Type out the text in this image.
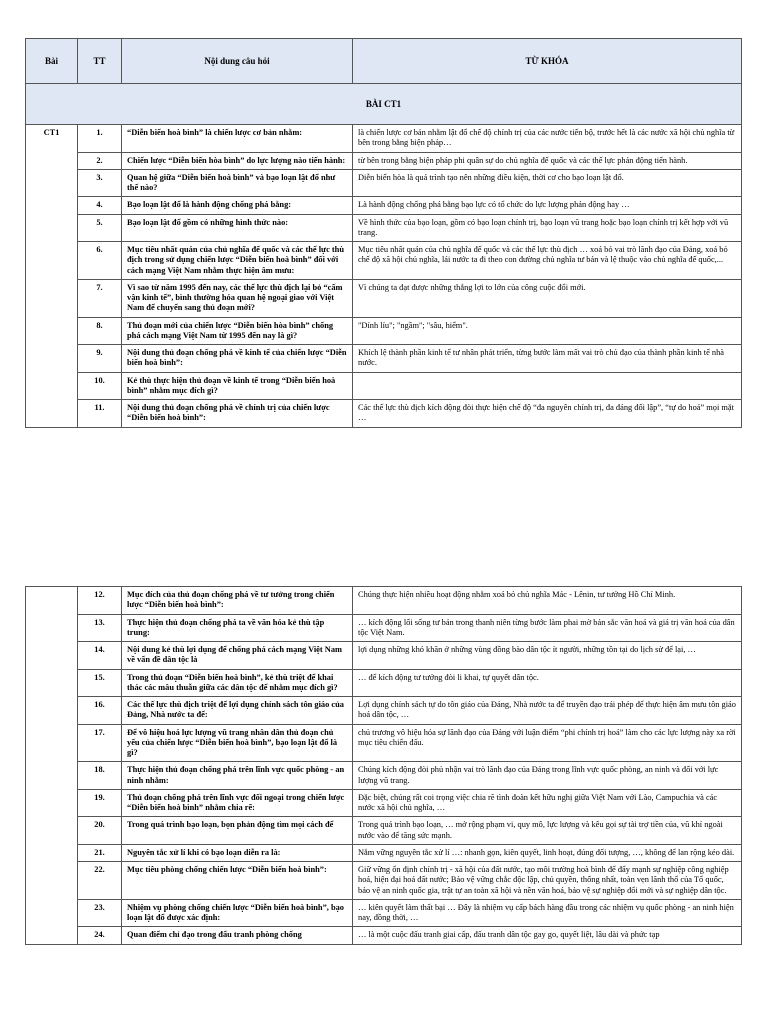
Bài	TT	Nội dung câu hỏi	TỪ KHÓA
BÀI CT1			
CT1	1.	“Diễn biến hoà bình” là chiến lược cơ bản nhằm:	là chiến lược cơ bản nhằm lật đổ chế độ chính trị của các nước tiến bộ, trước hết là các nước xã hội chủ nghĩa từ bên trong bằng biện pháp…
	2.	Chiến lược “Diễn biến hòa bình” do lực lượng nào tiến hành:	từ bên trong bằng biện pháp phi quân sự do chủ nghĩa đế quốc và các thế lực phản động tiến hành.
	3.	Quan hệ giữa “Diễn biến hoà bình” và bạo loạn lật đổ như thế nào?	Diễn biến hòa là quá trình tạo nên những điều kiện, thời cơ cho bạo loạn lật đổ.
	4.	Bạo loạn lật đổ là hành động chống phá bằng:	Là hành động chống phá bằng bạo lực có tổ chức do lực lượng phản động hay …
	5.	Bạo loạn lật đổ gồm có những hình thức nào:	Về hình thức của bạo loạn, gồm có bạo loạn chính trị, bạo loạn vũ trang hoặc bạo loạn chính trị kết hợp với vũ trang.
	6.	Mục tiêu nhất quán của chủ nghĩa đế quốc và các thế lực thù địch trong sử dụng chiến lược “Diễn biến hoà bình” đối với cách mạng Việt Nam nhằm thực hiện âm mưu:	Mục tiêu nhất quán của chủ nghĩa đế quốc và các thế lực thù địch … xoá bỏ vai trò lãnh đạo của Đảng, xoá bỏ chế độ xã hội chủ nghĩa, lái nước ta đi theo con đường chủ nghĩa tư bản và lệ thuộc vào chủ nghĩa đế quốc,...
	7.	Vì sao từ năm 1995 đến nay, các thế lực thù địch lại bỏ “cấm vận kinh tế”, bình thường hóa quan hệ ngoại giao với Việt Nam để chuyển sang thủ đoạn mới?	Vì chúng ta đạt được những thắng lợi to lớn của công cuộc đổi mới.
	8.	Thủ đoạn mới của chiến lược “Diễn biến hòa bình” chống phá cách mạng Việt Nam từ 1995 đến nay là gì?	"Dính líu"; "ngầm"; "sâu, hiểm".
	9.	Nội dung thủ đoạn chống phá về kinh tế của chiến lược “Diễn biến hoà bình”:	Khích lệ thành phần kinh tế tư nhân phát triển, từng bước làm mất vai trò chủ đạo của thành phần kinh tế nhà nước.
	10.	Kẻ thù thực hiện thủ đoạn về kinh tế trong “Diễn biến hoà bình” nhằm mục đích gì?	
	11.	Nội dung thủ đoạn chống phá về chính trị của chiến lược “Diễn biến hoà bình”:	Các thế lực thù địch kích động đòi thực hiện chế độ “đa nguyên chính trị, đa đảng đối lập”, “tự do hoá” mọi mặt …
	12.	Mục đích của thủ đoạn chống phá về tư tưởng trong chiến lược “Diễn biến hoà bình”:	Chúng thực hiện nhiều hoạt động nhằm xoá bỏ chủ nghĩa Mác - Lênin, tư tưởng Hồ Chí Minh.
	13.	Thực hiện thủ đoạn chống phá ta về văn hóa kẻ thù tập trung:	… kích động lối sống tư bản trong thanh niên từng bước làm phai mờ bản sắc văn hoá và giá trị văn hoá của dân tộc Việt Nam.
	14.	Nội dung kẻ thù lợi dụng để chống phá cách mạng Việt Nam về vấn đề dân tộc là	lợi dụng những khó khăn ở những vùng đồng bào dân tộc ít người, những tồn tại do lịch sử để lại, …
	15.	Trong thủ đoạn “Diễn biến hoà bình”, kẻ thù triệt để khai thác các mâu thuẫn giữa các dân tộc để nhằm mục đích gì?	… để kích động tư tưởng đòi li khai, tự quyết dân tộc.
	16.	Các thế lực thù địch triệt để lợi dụng chính sách tôn giáo của Đảng, Nhà nước ta để:	Lợi dụng chính sách tự do tôn giáo của Đảng, Nhà nước ta để truyền đạo trái phép để thực hiện âm mưu tôn giáo hoá dân tộc, …
	17.	Để vô hiệu hoá lực lượng vũ trang nhân dân thủ đoạn chủ yếu của chiến lược “Diễn biến hoà bình”, bạo loạn lật đổ là gì?	chủ trương vô hiệu hóa sự lãnh đạo của Đảng với luận điểm “phi chính trị hoá” làm cho các lực lượng này xa rời mục tiêu chiến đấu.
	18.	Thực hiện thủ đoạn chống phá trên lĩnh vực quốc phòng - an ninh nhằm:	Chúng kích động đòi phủ nhận vai trò lãnh đạo của Đảng trong lĩnh vực quốc phòng, an ninh và đối với lực lượng vũ trang.
	19.	Thủ đoạn chống phá trên lĩnh vực đối ngoại trong chiến lược “Diễn biến hoà bình” nhằm chia rẽ:	Đặc biệt, chúng rất coi trọng việc chia rẽ tình đoàn kết hữu nghị giữa Việt Nam với Lào, Campuchia và các nước xã hội chủ nghĩa, …
	20.	Trong quá trình bạo loạn, bọn phản động tìm mọi cách để	Trong quá trình bạo loạn, … mở rộng phạm vi, quy mô, lực lượng và kêu gọi sự tài trợ tiền của, vũ khí ngoài nước vào để tăng sức mạnh.
	21.	Nguyên tắc xử lí khi có bạo loạn diễn ra là:	Nắm vững nguyên tắc xử lí …: nhanh gọn, kiên quyết, linh hoạt, đúng đối tượng, …, không để lan rộng kéo dài.
	22.	Mục tiêu phòng chống chiến lược “Diễn biến hoà bình”:	Giữ vững ổn định chính trị - xã hội của đất nước, tạo môi trường hoà bình để đẩy mạnh sự nghiệp công nghiệp hoá, hiện đại hoá đất nước; Bảo vệ vững chắc độc lập, chủ quyền, thống nhất, toàn vẹn lãnh thổ của Tổ quốc, bảo vệ an ninh quốc gia, trật tự an toàn xã hội và nền văn hoá, bảo vệ sự nghiệp đổi mới và sự nghiệp dân tộc.
	23.	Nhiệm vụ phòng chống chiến lược “Diễn biến hoà bình”, bạo loạn lật đổ được xác định:	… kiên quyết làm thất bại … Đây là nhiệm vụ cấp bách hàng đầu trong các nhiệm vụ quốc phòng - an ninh hiện nay, đồng thời, …
	24.	Quan điểm chỉ đạo trong đấu tranh phòng chống	… là một cuộc đấu tranh giai cấp, đấu tranh dân tộc gay go, quyết liệt, lâu dài và phức tạp
